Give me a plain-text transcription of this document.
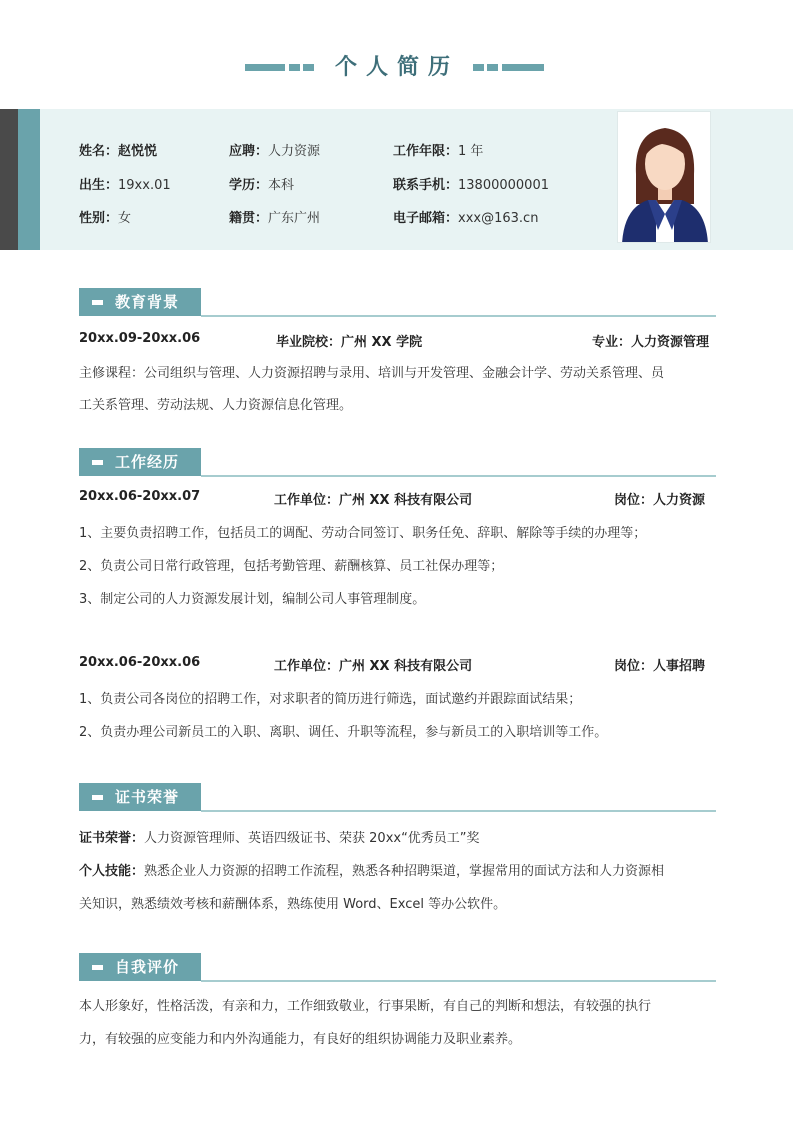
个人简历
姓名：赵悦悦	应聘：人力资源	工作年限：1 年
出生：19xx.01	学历：本科	联系手机：13800000001
性别：女	籍贯：广东广州	电子邮箱：xxx@163.cn
教育背景
20xx.09-20xx.06	毕业院校：广州 XX 学院	专业：人力资源管理
主修课程：公司组织与管理、人力资源招聘与录用、培训与开发管理、金融会计学、劳动关系管理、员
工关系管理、劳动法规、人力资源信息化管理。
工作经历
20xx.06-20xx.07	工作单位：广州 XX 科技有限公司	岗位：人力资源
1、主要负责招聘工作，包括员工的调配、劳动合同签订、职务任免、辞职、解除等手续的办理等；
2、负责公司日常行政管理，包括考勤管理、薪酬核算、员工社保办理等；
3、制定公司的人力资源发展计划，编制公司人事管理制度。
20xx.06-20xx.06	工作单位：广州 XX 科技有限公司	岗位：人事招聘
1、负责公司各岗位的招聘工作，对求职者的简历进行筛选，面试邀约并跟踪面试结果；
2、负责办理公司新员工的入职、离职、调任、升职等流程，参与新员工的入职培训等工作。
证书荣誉
证书荣誉：人力资源管理师、英语四级证书、荣获 20xx“优秀员工”奖
个人技能：熟悉企业人力资源的招聘工作流程，熟悉各种招聘渠道，掌握常用的面试方法和人力资源相
关知识，熟悉绩效考核和薪酬体系，熟练使用 Word、Excel 等办公软件。
自我评价
本人形象好，性格活泼，有亲和力，工作细致敬业，行事果断，有自己的判断和想法，有较强的执行
力，有较强的应变能力和内外沟通能力，有良好的组织协调能力及职业素养。
